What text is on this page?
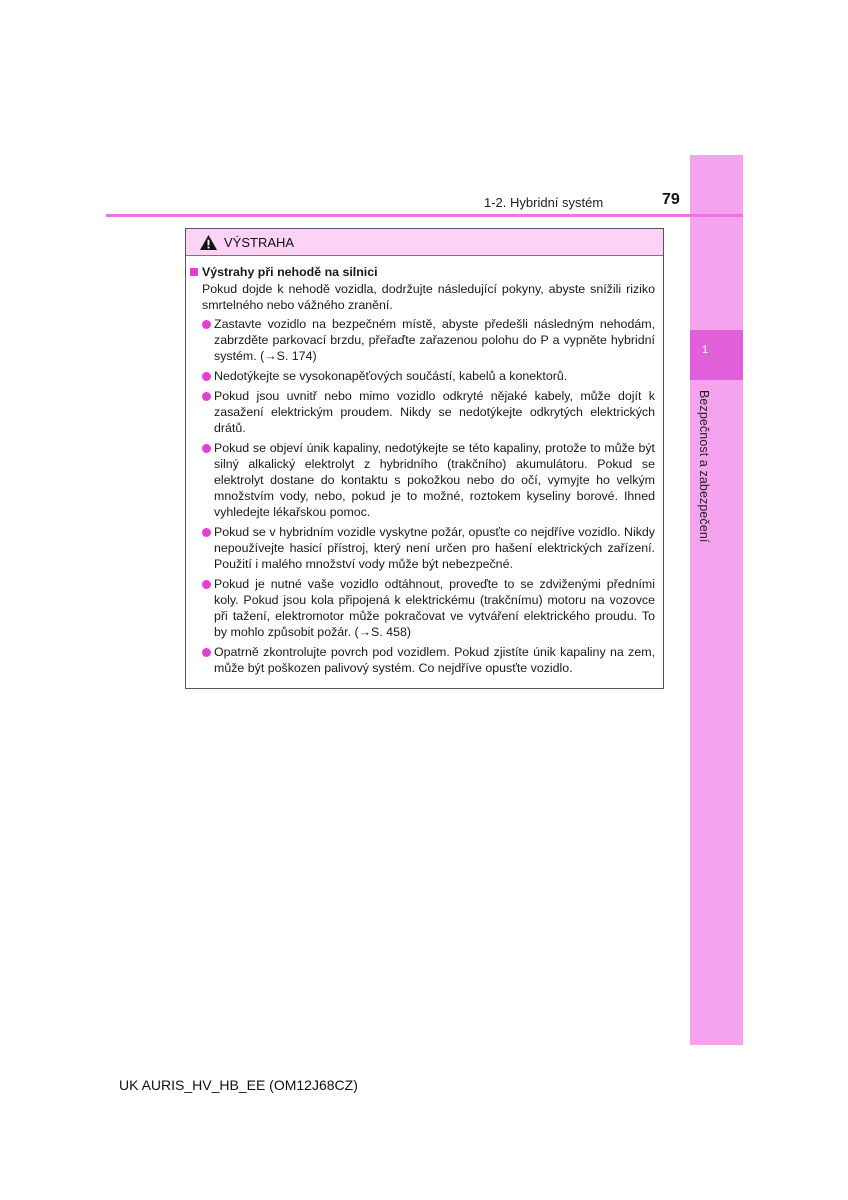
1
Bezpečnost a zabezpečení
1-2. Hybridní systém	79
VÝSTRAHA
Výstrahy při nehodě na silnici
Pokud dojde k nehodě vozidla, dodržujte následující pokyny, abyste snížili riziko smrtelného nebo vážného zranění.
Zastavte vozidlo na bezpečném místě, abyste předešli následným nehodám, zabrzděte parkovací brzdu, přeřaďte zařazenou polohu do P a vypněte hybridní systém. (→S. 174)
Nedotýkejte se vysokonapěťových součástí, kabelů a konektorů.
Pokud jsou uvnitř nebo mimo vozidlo odkryté nějaké kabely, může dojít k zasažení elektrickým proudem. Nikdy se nedotýkejte odkrytých elektrických drátů.
Pokud se objeví únik kapaliny, nedotýkejte se této kapaliny, protože to může být silný alkalický elektrolyt z hybridního (trakčního) akumulátoru. Pokud se elektrolyt dostane do kontaktu s pokožkou nebo do očí, vymyjte ho velkým množstvím vody, nebo, pokud je to možné, roztokem kyseliny borové. Ihned vyhledejte lékařskou pomoc.
Pokud se v hybridním vozidle vyskytne požár, opusťte co nejdříve vozidlo. Nikdy nepoužívejte hasicí přístroj, který není určen pro hašení elektrických zařízení. Použití i malého množství vody může být nebezpečné.
Pokud je nutné vaše vozidlo odtáhnout, proveďte to se zdviženými předními koly. Pokud jsou kola připojená k elektrickému (trakčnímu) motoru na vozovce při tažení, elektromotor může pokračovat ve vytváření elektrického proudu. To by mohlo způsobit požár. (→S. 458)
Opatrně zkontrolujte povrch pod vozidlem. Pokud zjistíte únik kapaliny na zem, může být poškozen palivový systém. Co nejdříve opusťte vozidlo.
UK AURIS_HV_HB_EE (OM12J68CZ)
